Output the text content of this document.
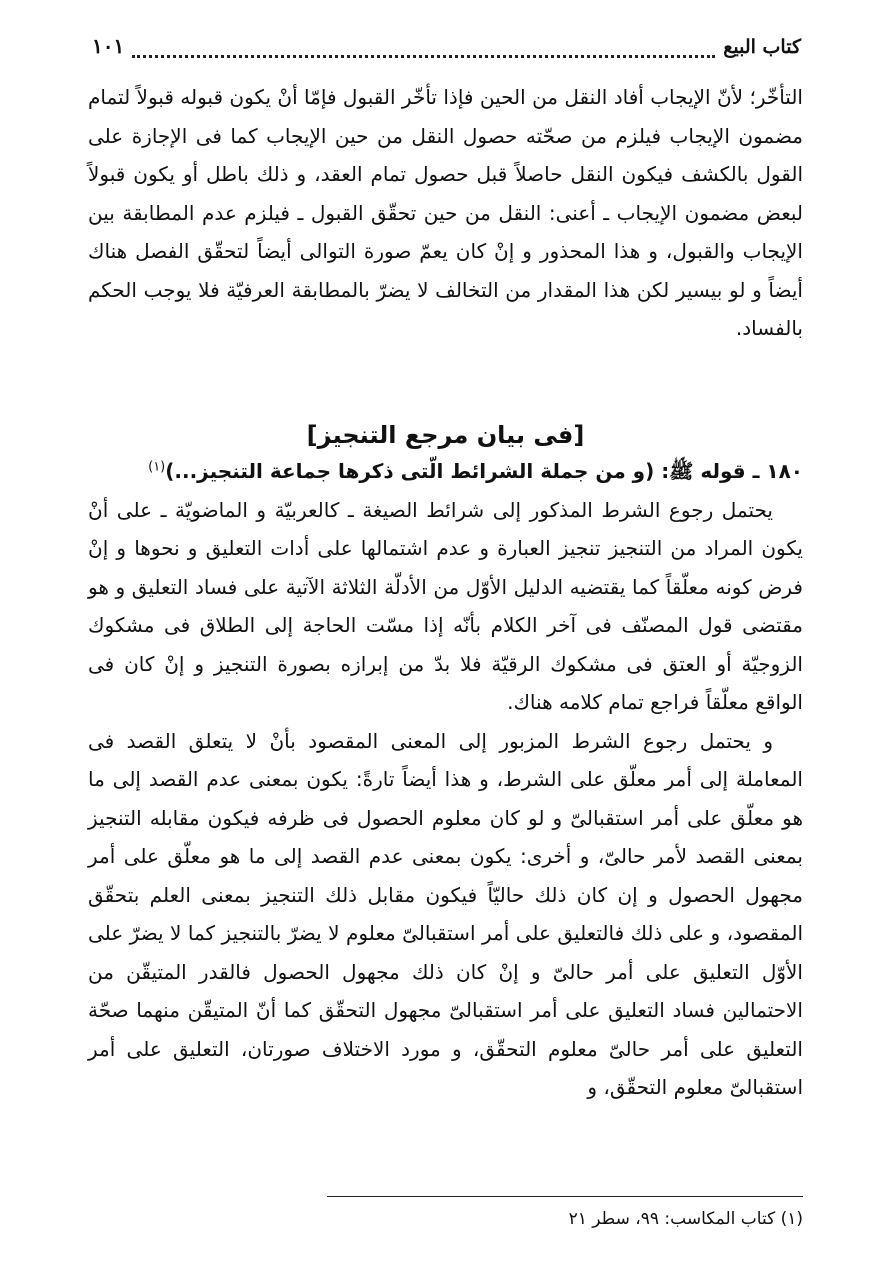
كتاب البيع
١٠١

التأخّر؛ لأنّ الإيجاب أفاد النقل من الحين فإذا تأخّر القبول فإمّا أنْ يكون قبوله قبولاً لتمام مضمون الإيجاب فيلزم من صحّته حصول النقل من حين الإيجاب كما فى الإجازة على القول بالكشف فيكون النقل حاصلاً قبل حصول تمام العقد، و ذلك باطل أو يكون قبولاً لبعض مضمون الإيجاب ـ أعنى: النقل من حين تحقّق القبول ـ فيلزم عدم المطابقة بين الإيجاب والقبول، و هذا المحذور و إنْ كان يعمّ صورة التوالى أيضاً لتحقّق الفصل هناك أيضاً و لو بيسير لكن هذا المقدار من التخالف لا يضرّ بالمطابقة العرفيّة فلا يوجب الحكم بالفساد.

[فى بيان مرجع التنجيز]

١٨٠ ـ قوله ﷺ: (و من جملة الشرائط الّتى ذكرها جماعة التنجيز...)$^{(١)}$

يحتمل رجوع الشرط المذكور إلى شرائط الصيغة ـ كالعربيّة و الماضويّة ـ على أنْ يكون المراد من التنجيز تنجيز العبارة و عدم اشتمالها على أدات التعليق و نحوها و إنْ فرض كونه معلّقاً كما يقتضيه الدليل الأوّل من الأدلّة الثلاثة الآتية على فساد التعليق و هو مقتضى قول المصنّف فى آخر الكلام بأنّه إذا مسّت الحاجة إلى الطلاق فى مشكوك الزوجيّة أو العتق فى مشكوك الرقيّة فلا بدّ من إبرازه بصورة التنجيز و إنْ كان فى الواقع معلّقاً فراجع تمام كلامه هناك.

و يحتمل رجوع الشرط المزبور إلى المعنى المقصود بأنْ لا يتعلق القصد فى المعاملة إلى أمر معلّق على الشرط، و هذا أيضاً تارةً: يكون بمعنى عدم القصد إلى ما هو معلّق على أمر استقبالىّ و لو كان معلوم الحصول فى ظرفه فيكون مقابله التنجيز بمعنى القصد لأمر حالىّ، و أخرى: يكون بمعنى عدم القصد إلى ما هو معلّق على أمر مجهول الحصول و إن كان ذلك حاليّاً فيكون مقابل ذلك التنجيز بمعنى العلم بتحقّق المقصود، و على ذلك فالتعليق على أمر استقبالىّ معلوم لا يضرّ بالتنجيز كما لا يضرّ على الأوّل التعليق على أمر حالىّ و إنْ كان ذلك مجهول الحصول فالقدر المتيقّن من الاحتمالين فساد التعليق على أمر استقبالىّ مجهول التحقّق كما أنّ المتيقّن منهما صحّة التعليق على أمر حالىّ معلوم التحقّق، و مورد الاختلاف صورتان، التعليق على أمر استقبالىّ معلوم التحقّق، و

(١) كتاب المكاسب: ٩٩، سطر ٢١
